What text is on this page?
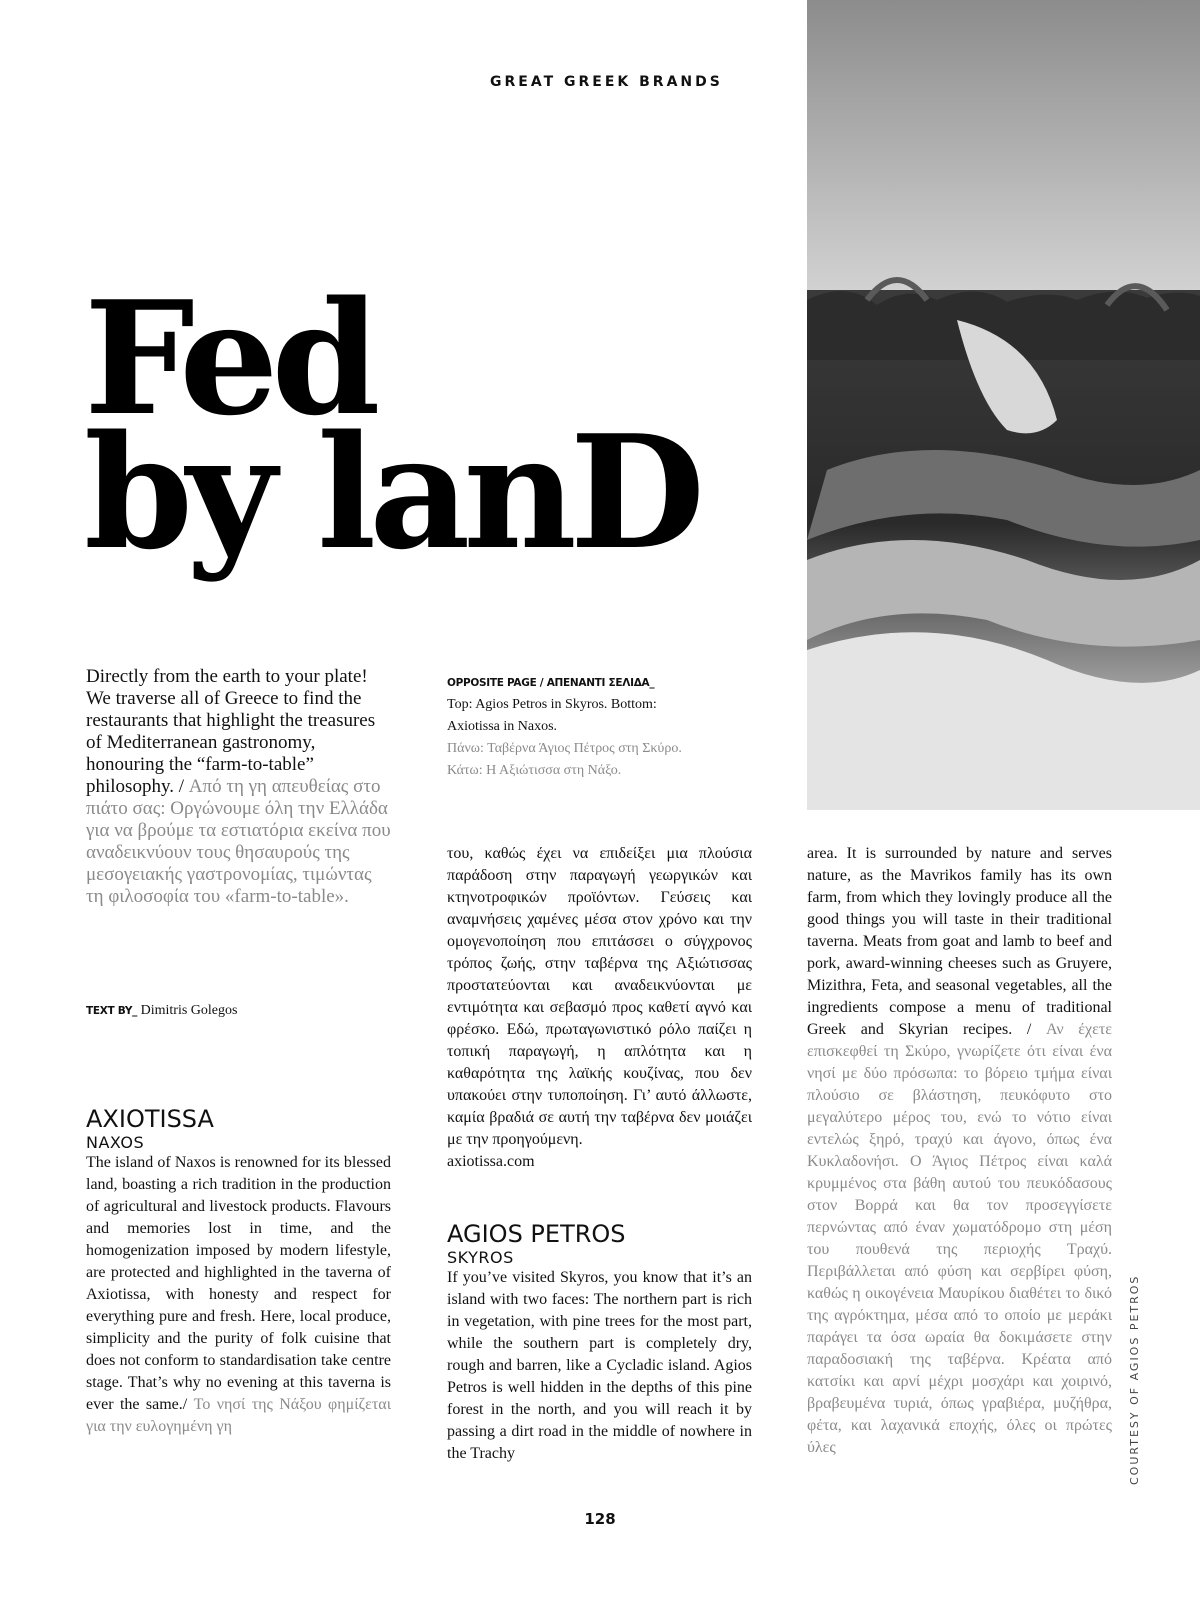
GREAT GREEK BRANDS
Fed
by lanD
Directly from the earth to your plate! We traverse all of Greece to find the restaurants that highlight the treasures of Mediterranean gastronomy, honouring the “farm-to-table” philosophy. / Από τη γη απευθείας στο πιάτο σας: Οργώνουμε όλη την Ελλάδα για να βρούμε τα εστιατόρια εκείνα που αναδεικνύουν τους θησαυρούς της μεσογειακής γαστρονομίας, τιμώντας τη φιλοσοφία του «farm-to-table».
TEXT BY_ Dimitris Golegos
OPPOSITE PAGE / ΑΠΕΝΑΝΤΙ ΣΕΛΙΔΑ_
Top: Agios Petros in Skyros. Bottom: Axiotissa in Naxos.
Πάνω: Ταβέρνα Άγιος Πέτρος στη Σκύρο. Κάτω: Η Αξιώτισσα στη Νάξο.
AXIOTISSA
NAXOS
The island of Naxos is renowned for its blessed land, boasting a rich tradition in the production of agricultural and livestock products. Flavours and memories lost in time, and the homogenization imposed by modern lifestyle, are protected and highlighted in the taverna of Axiotissa, with honesty and respect for everything pure and fresh. Here, local produce, simplicity and the purity of folk cuisine that does not conform to standardisation take centre stage. That’s why no evening at this taverna is ever the same./ Το νησί της Νάξου φημίζεται για την ευλογημένη γη
του, καθώς έχει να επιδείξει μια πλούσια παράδοση στην παραγωγή γεωργικών και κτηνοτροφικών προϊόντων. Γεύσεις και αναμνήσεις χαμένες μέσα στον χρόνο και την ομογενοποίηση που επιτάσσει ο σύγχρονος τρόπος ζωής, στην ταβέρνα της Αξιώτισσας προστατεύονται και αναδεικνύονται με εντιμότητα και σεβασμό προς καθετί αγνό και φρέσκο. Εδώ, πρωταγωνιστικό ρόλο παίζει η τοπική παραγωγή, η απλότητα και η καθαρότητα της λαϊκής κουζίνας, που δεν υπακούει στην τυποποίηση. Γι’ αυτό άλλωστε, καμία βραδιά σε αυτή την ταβέρνα δεν μοιάζει με την προηγούμενη.
axiotissa.com
AGIOS PETROS
SKYROS
If you’ve visited Skyros, you know that it’s an island with two faces: The northern part is rich in vegetation, with pine trees for the most part, while the southern part is completely dry, rough and barren, like a Cycladic island. Agios Petros is well hidden in the depths of this pine forest in the north, and you will reach it by passing a dirt road in the middle of nowhere in the Trachy
area. It is surrounded by nature and serves nature, as the Mavrikos family has its own farm, from which they lovingly produce all the good things you will taste in their traditional taverna. Meats from goat and lamb to beef and pork, award-winning cheeses such as Gruyere, Mizithra, Feta, and seasonal vegetables, all the ingredients compose a menu of traditional Greek and Skyrian recipes. / Αν έχετε επισκεφθεί τη Σκύρο, γνωρίζετε ότι είναι ένα νησί με δύο πρόσωπα: το βόρειο τμήμα είναι πλούσιο σε βλάστηση, πευκόφυτο στο μεγαλύτερο μέρος του, ενώ το νότιο είναι εντελώς ξηρό, τραχύ και άγονο, όπως ένα Κυκλαδονήσι. Ο Άγιος Πέτρος είναι καλά κρυμμένος στα βάθη αυτού του πευκόδασους στον Βορρά και θα τον προσεγγίσετε περνώντας από έναν χωματόδρομο στη μέση του πουθενά της περιοχής Τραχύ. Περιβάλλεται από φύση και σερβίρει φύση, καθώς η οικογένεια Μαυρίκου διαθέτει το δικό της αγρόκτημα, μέσα από το οποίο με μεράκι παράγει τα όσα ωραία θα δοκιμάσετε στην παραδοσιακή της ταβέρνα. Κρέατα από κατσίκι και αρνί μέχρι μοσχάρι και χοιρινό, βραβευμένα τυριά, όπως γραβιέρα, μυζήθρα, φέτα, και λαχανικά εποχής, όλες οι πρώτες ύλες	COURTESY OF AGIOS PETROS
128
